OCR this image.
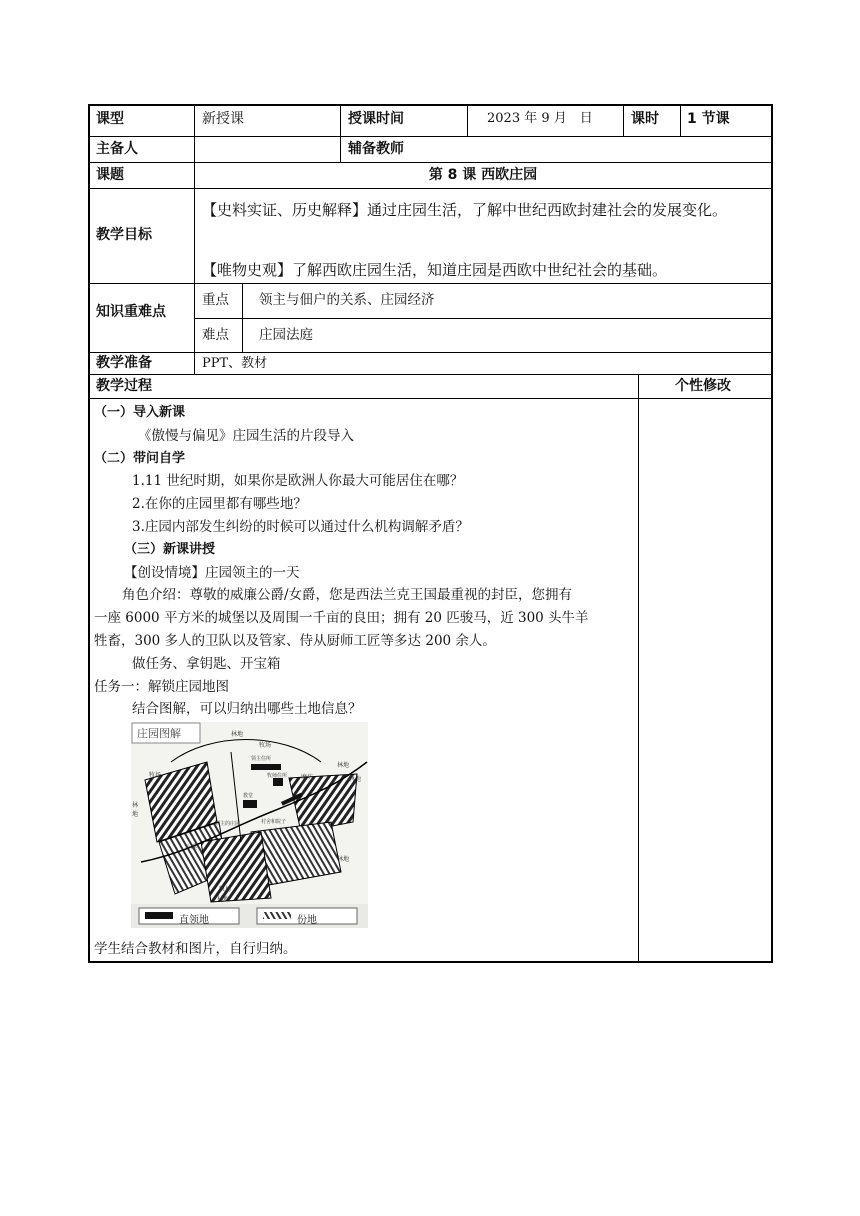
课型	新授课	授课时间	2023 年 9 月　日	课时 1 节课
主备人	辅备教师
课题	第 8 课 西欧庄园
教学目标
【史料实证、历史解释】通过庄园生活，了解中世纪西欧封建社会的发展变化。
【唯物史观】了解西欧庄园生活，知道庄园是西欧中世纪社会的基础。
知识重难点
重点 领主与佃户的关系、庄园经济
难点 庄园法庭
教学准备	PPT、教材
教学过程	个性修改
（一）导入新课
《傲慢与偏见》庄园生活的片段导入
（二）带问自学
1.11 世纪时期，如果你是欧洲人你最大可能居住在哪？
2.在你的庄园里都有哪些地？
3.庄园内部发生纠纷的时候可以通过什么机构调解矛盾？
（三）新课讲授
【创设情境】庄园领主的一天
角色介绍：尊敬的威廉公爵/女爵，您是西法兰克王国最重视的封臣，您拥有
一座 6000 平方米的城堡以及周围一千亩的良田；拥有 20 匹骏马，近 300 头牛羊
牲畜，300 多人的卫队以及管家、侍从厨师工匠等多达 200 余人。
做任务、拿钥匙、开宝箱
任务一：解锁庄园地图
结合图解，可以归纳出哪些土地信息？
庄园图解	林地
牧场
林地
牧场
领主住所
牧师住所 磨坊
林地
林地
教堂
领主的庄园	村舍和院子
小溪
林地
牧场
林地
直领地	份地
学生结合教材和图片，自行归纳。
